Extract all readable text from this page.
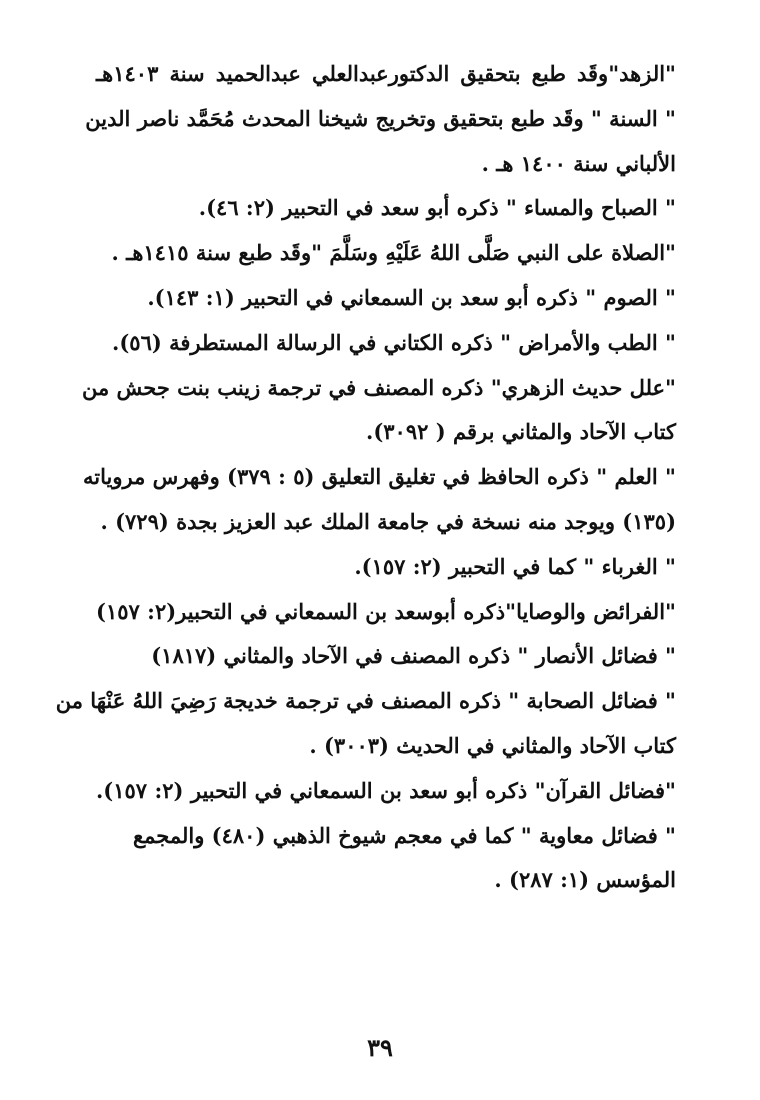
"الزهد"وقَد طبع بتحقيق الدكتورعبدالعلي عبدالحميد سنة ١٤٠٣هـ
" السنة " وقَد طبع بتحقيق وتخريج شيخنا المحدث مُحَمَّد ناصر الدين
الألباني سنة ١٤٠٠ هـ .
" الصباح والمساء " ذكره أبو سعد في التحبير (٢: ٤٦).
"الصلاة على النبي صَلَّى اللهُ عَلَيْهِ وسَلَّمَ "وقَد طبع سنة ١٤١٥هـ .
" الصوم " ذكره أبو سعد بن السمعاني في التحبير (١: ١٤٣).
" الطب والأمراض " ذكره الكتاني في الرسالة المستطرفة (٥٦).
"علل حديث الزهري" ذكره المصنف في ترجمة زينب بنت جحش من
كتاب الآحاد والمثاني برقم ( ٣٠٩٢).
" العلم " ذكره الحافظ في تغليق التعليق (٥ : ٣٧٩) وفهرس مروياته
(١٣٥) ويوجد منه نسخة في جامعة الملك عبد العزيز بجدة (٧٢٩) .
" الغرباء " كما في التحبير (٢: ١٥٧).
"الفرائض والوصايا"ذكره أبوسعد بن السمعاني في التحبير(٢: ١٥٧)
" فضائل الأنصار " ذكره المصنف في الآحاد والمثاني (١٨١٧)
" فضائل الصحابة " ذكره المصنف في ترجمة خديجة رَضِيَ اللهُ عَنْهَا من
كتاب الآحاد والمثاني في الحديث (٣٠٠٣) .
"فضائل القرآن" ذكره أبو سعد بن السمعاني في التحبير (٢: ١٥٧).
" فضائل معاوية " كما في معجم شيوخ الذهبي (٤٨٠) والمجمع
المؤسس (١: ٢٨٧) .
٣٩
